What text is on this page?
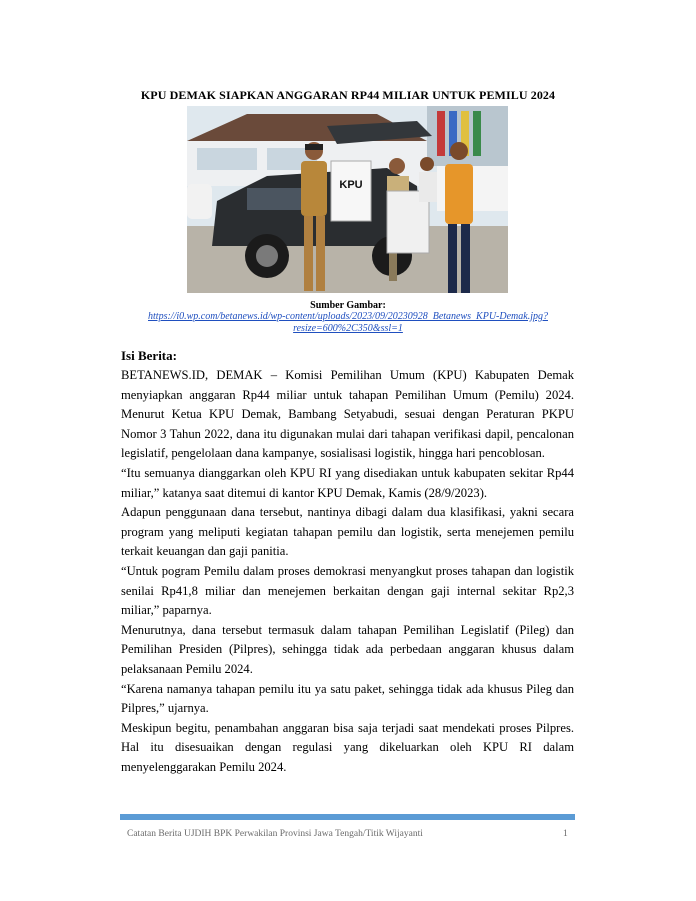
KPU DEMAK SIAPKAN ANGGARAN RP44 MILIAR UNTUK PEMILU 2024
KPU
Sumber Gambar:
https://i0.wp.com/betanews.id/wp-content/uploads/2023/09/20230928_Betanews_KPU-Demak.jpg?resize=600%2C350&ssl=1
Isi Berita:

BETANEWS.ID, DEMAK – Komisi Pemilihan Umum (KPU) Kabupaten Demak menyiapkan anggaran Rp44 miliar untuk tahapan Pemilihan Umum (Pemilu) 2024. Menurut Ketua KPU Demak, Bambang Setyabudi, sesuai dengan Peraturan PKPU Nomor 3 Tahun 2022, dana itu digunakan mulai dari tahapan verifikasi dapil, pencalonan legislatif, pengelolaan dana kampanye, sosialisasi logistik, hingga hari pencoblosan.

“Itu semuanya dianggarkan oleh KPU RI yang disediakan untuk kabupaten sekitar Rp44 miliar,” katanya saat ditemui di kantor KPU Demak, Kamis (28/9/2023).

Adapun penggunaan dana tersebut, nantinya dibagi dalam dua klasifikasi, yakni secara program yang meliputi kegiatan tahapan pemilu dan logistik, serta menejemen pemilu terkait keuangan dan gaji panitia.

“Untuk pogram Pemilu dalam proses demokrasi menyangkut proses tahapan dan logistik senilai Rp41,8 miliar dan menejemen berkaitan dengan gaji internal sekitar Rp2,3 miliar,” paparnya.

Menurutnya, dana tersebut termasuk dalam tahapan Pemilihan Legislatif (Pileg) dan Pemilihan Presiden (Pilpres), sehingga tidak ada perbedaan anggaran khusus dalam pelaksanaan Pemilu 2024.

“Karena namanya tahapan pemilu itu ya satu paket, sehingga tidak ada khusus Pileg dan Pilpres,” ujarnya.

Meskipun begitu, penambahan anggaran bisa saja terjadi saat mendekati proses Pilpres. Hal itu disesuaikan dengan regulasi yang dikeluarkan oleh KPU RI dalam menyelenggarakan Pemilu 2024.

Catatan Berita UJDIH BPK Perwakilan Provinsi Jawa Tengah/Titik Wijayanti	1
